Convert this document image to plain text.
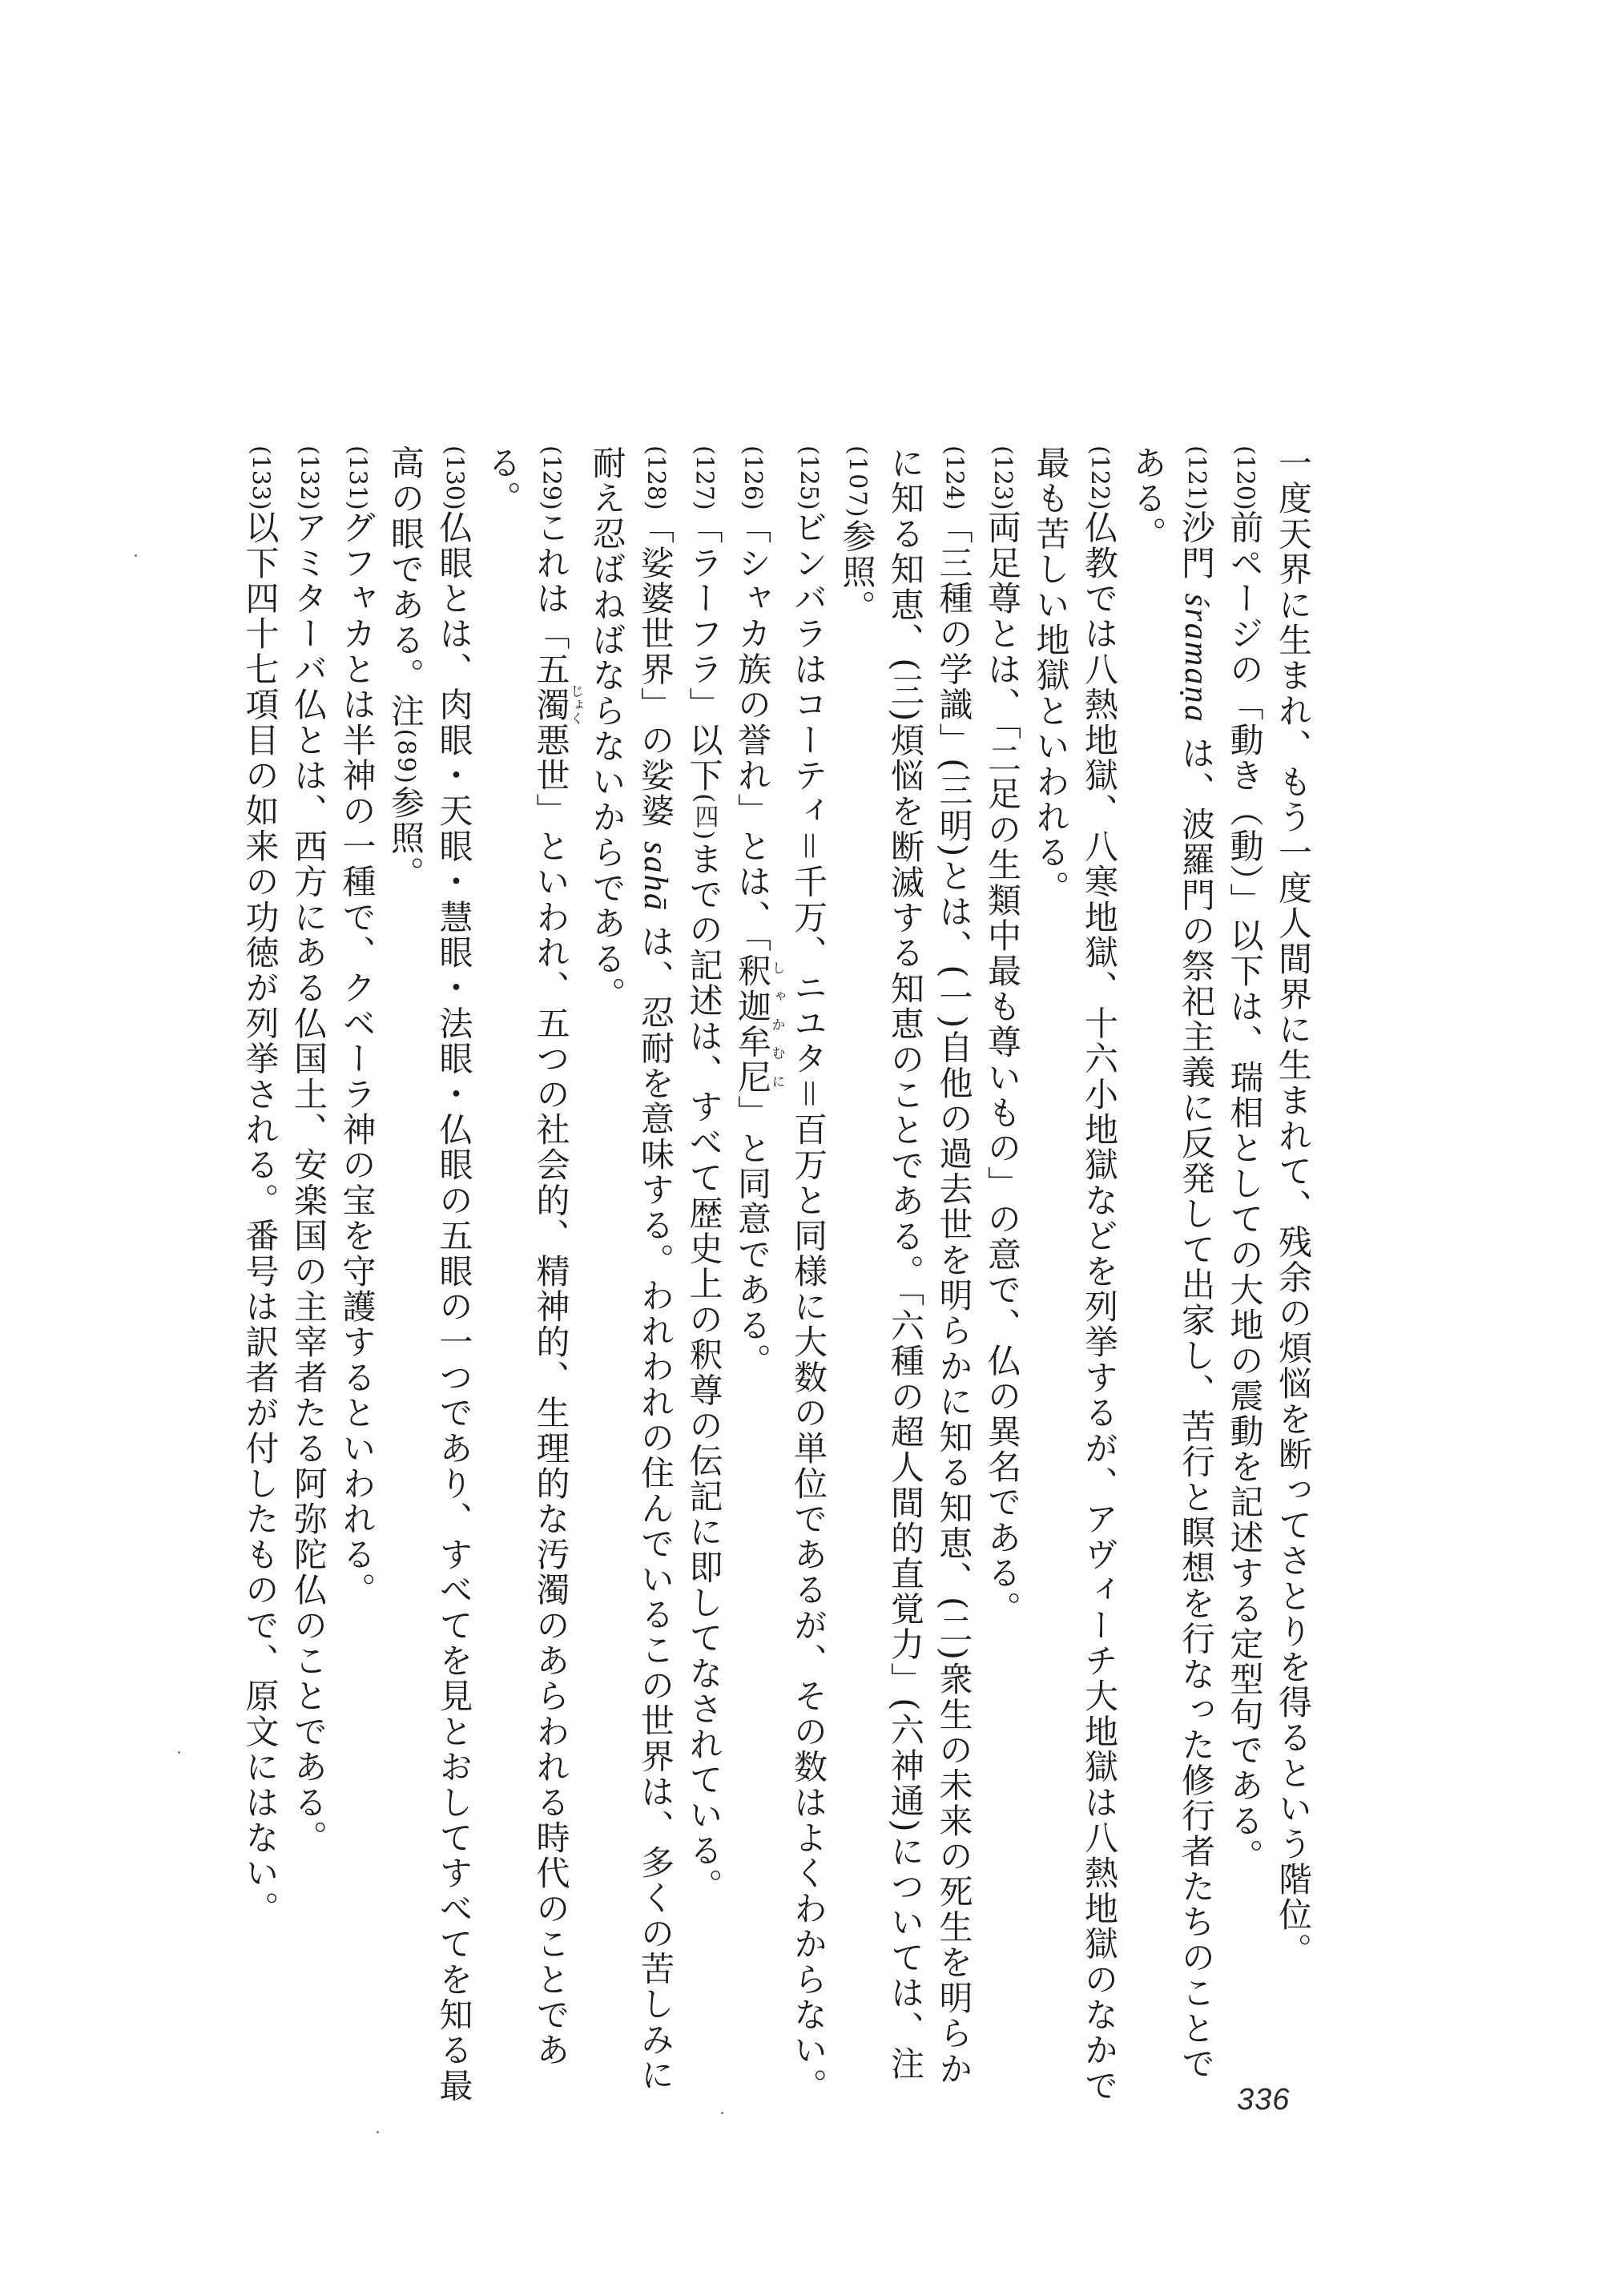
一度天界に生まれ、もう一度人間界に生まれて、残余の煩悩を断ってさとりを得るという階位。

(120)前ページの「動き（動）」以下は、瑞相としての大地の震動を記述する定型句である。

(121)沙門 śramaṇa は、波羅門の祭祀主義に反発して出家し、苦行と瞑想を行なった修行者たちのことである。

(122)仏教では八熱地獄、八寒地獄、十六小地獄などを列挙するが、アヴィーチ大地獄は八熱地獄のなかで最も苦しい地獄といわれる。

(123)両足尊とは、「二足の生類中最も尊いもの」の意で、仏の異名である。

(124)「三種の学識」(三明)とは、(一)自他の過去世を明らかに知る知恵、(二)衆生の未来の死生を明らかに知る知恵、(三)煩悩を断滅する知恵のことである。「六種の超人間的直覚力」(六神通)については、注(107)参照。

(125)ビンバラはコーティ＝千万、ニユタ＝百万と同様に大数の単位であるが、その数はよくわからない。

(126)「シャカ族の誉れ」とは、「釈迦牟尼しゃかむに」と同意である。

(127)「ラーフラ」以下(四)までの記述は、すべて歴史上の釈尊の伝記に即してなされている。

(128)「娑婆世界」の娑婆 sahā は、忍耐を意味する。われわれの住んでいるこの世界は、多くの苦しみに耐え忍ばねばならないからである。

(129)これは「五濁じょく悪世」といわれ、五つの社会的、精神的、生理的な汚濁のあらわれる時代のことである。

(130)仏眼とは、肉眼・天眼・慧眼・法眼・仏眼の五眼の一つであり、すべてを見とおしてすべてを知る最高の眼である。注(89)参照。

(131)グフャカとは半神の一種で、クベーラ神の宝を守護するといわれる。

(132)アミターバ仏とは、西方にある仏国土、安楽国の主宰者たる阿弥陀仏のことである。

(133)以下四十七項目の如来の功徳が列挙される。番号は訳者が付したもので、原文にはない。

336
